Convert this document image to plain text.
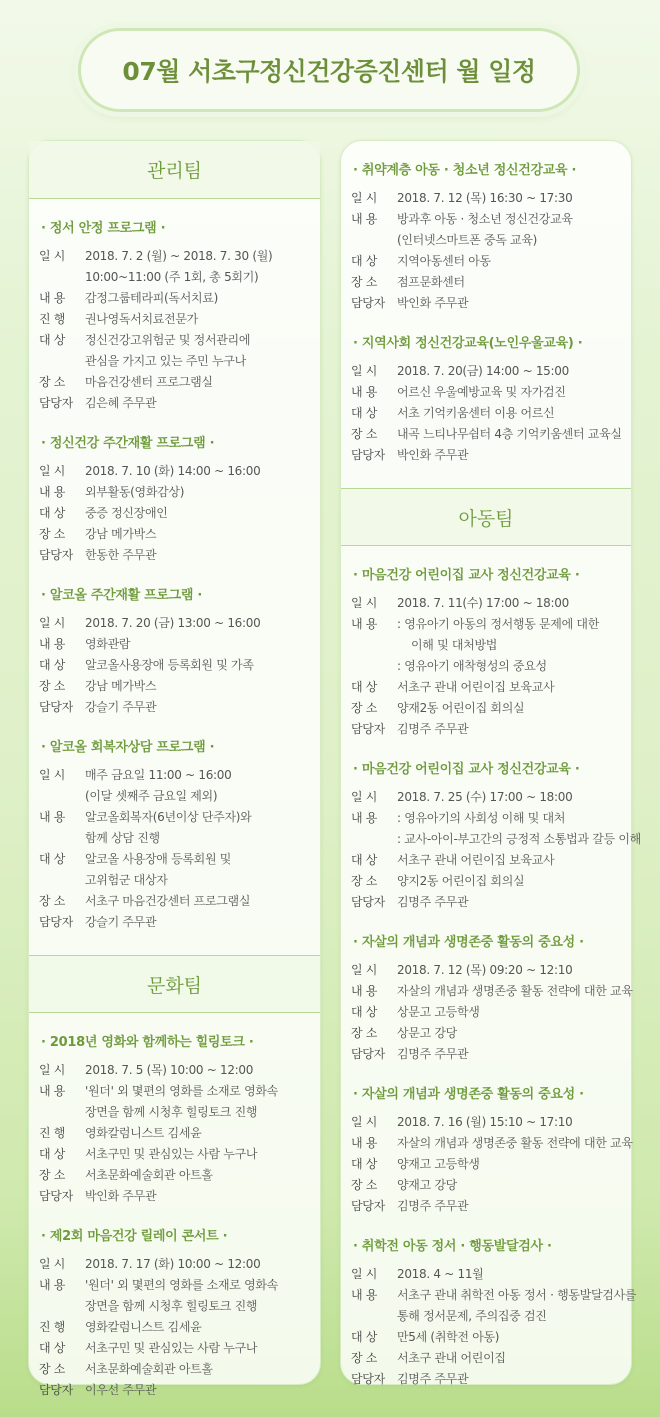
07월 서초구정신건강증진센터 월 일정
관리팀
· 정서 안정 프로그램 ·
일 시	2018. 7. 2 (월) ~ 2018. 7. 30 (월)
10:00~11:00 (주 1회, 총 5회기)
내 용	감정그룹테라피(독서치료)
진 행	권나영독서치료전문가
대 상	정신건강고위험군 및 정서관리에
관심을 가지고 있는 주민 누구나
장 소	마음건강센터 프로그램실
담당자	김은혜 주무관
· 정신건강 주간재활 프로그램 ·
일 시	2018. 7. 10 (화) 14:00 ~ 16:00
내 용	외부활동(영화감상)
대 상	중증 정신장애인
장 소	강남 메가박스
담당자	한동한 주무관
· 알코올 주간재활 프로그램 ·
일 시	2018. 7. 20 (금) 13:00 ~ 16:00
내 용	영화관람
대 상	알코올사용장애 등록회원 및 가족
장 소	강남 메가박스
담당자	강슬기 주무관
· 알코올 회복자상담 프로그램 ·
일 시	매주 금요일 11:00 ~ 16:00
(이달 셋째주 금요일 제외)
내 용	알코올회복자(6년이상 단주자)와
함께 상담 진행
대 상	알코올 사용장애 등록회원 및
고위험군 대상자
장 소	서초구 마음건강센터 프로그램실
담당자	강슬기 주무관
문화팀
· 2018년 영화와 함께하는 힐링토크 ·
일 시	2018. 7. 5 (목) 10:00 ~ 12:00
내 용	'원더' 외 몇편의 영화를 소재로 영화속
장면을 함께 시청후 힐링토크 진행
진 행	영화칼럼니스트 김세윤
대 상	서초구민 및 관심있는 사람 누구나
장 소	서초문화예술회관 아트홀
담당자	박인화 주무관
· 제2회 마음건강 릴레이 콘서트 ·
일 시	2018. 7. 17 (화) 10:00 ~ 12:00
내 용	'원더' 외 몇편의 영화를 소재로 영화속
장면을 함께 시청후 힐링토크 진행
진 행	영화칼럼니스트 김세윤
대 상	서초구민 및 관심있는 사람 누구나
장 소	서초문화예술회관 아트홀
담당자	이우선 주무관
· 취약계층 아동 · 청소년 정신건강교육 ·
일 시	2018. 7. 12 (목) 16:30 ~ 17:30
내 용	방과후 아동 · 청소년 정신건강교육
(인터넷스마트폰 중독 교육)
대 상	지역아동센터 아동
장 소	점프문화센터
담당자	박인화 주무관
· 지역사회 정신건강교육(노인우울교육) ·
일 시	2018. 7. 20(금) 14:00 ~ 15:00
내 용	어르신 우울예방교육 및 자가검진
대 상	서초 기억키움센터 이용 어르신
장 소	내곡 느티나무쉼터 4층 기억키움센터 교육실
담당자	박인화 주무관
아동팀
· 마음건강 어린이집 교사 정신건강교육 ·
일 시	2018. 7. 11(수) 17:00 ~ 18:00
내 용	: 영유아기 아동의 정서행동 문제에 대한
이해 및 대처방법
: 영유아기 애착형성의 중요성
대 상	서초구 관내 어린이집 보육교사
장 소	양재2동 어린이집 회의실
담당자	김명주 주무관
· 마음건강 어린이집 교사 정신건강교육 ·
일 시	2018. 7. 25 (수) 17:00 ~ 18:00
내 용	: 영유아기의 사회성 이해 및 대처
: 교사-아이-부고간의 긍정적 소통법과 갈등 이해
대 상	서초구 관내 어린이집 보육교사
장 소	양지2동 어린이집 회의실
담당자	김명주 주무관
· 자살의 개념과 생명존중 활동의 중요성 ·
일 시	2018. 7. 12 (목) 09:20 ~ 12:10
내 용	자살의 개념과 생명존중 활동 전략에 대한 교육
대 상	상문고 고등학생
장 소	상문고 강당
담당자	김명주 주무관
· 자살의 개념과 생명존중 활동의 중요성 ·
일 시	2018. 7. 16 (월) 15:10 ~ 17:10
내 용	자살의 개념과 생명존중 활동 전략에 대한 교육
대 상	양재고 고등학생
장 소	양재고 강당
담당자	김명주 주무관
· 취학전 아동 정서 · 행동발달검사 ·
일 시	2018. 4 ~ 11월
내 용	서초구 관내 취학전 아동 정서 · 행동발달검사를
통해 정서문제, 주의집중 검진
대 상	만5세 (취학전 아동)
장 소	서초구 관내 어린이집
담당자	김명주 주무관
